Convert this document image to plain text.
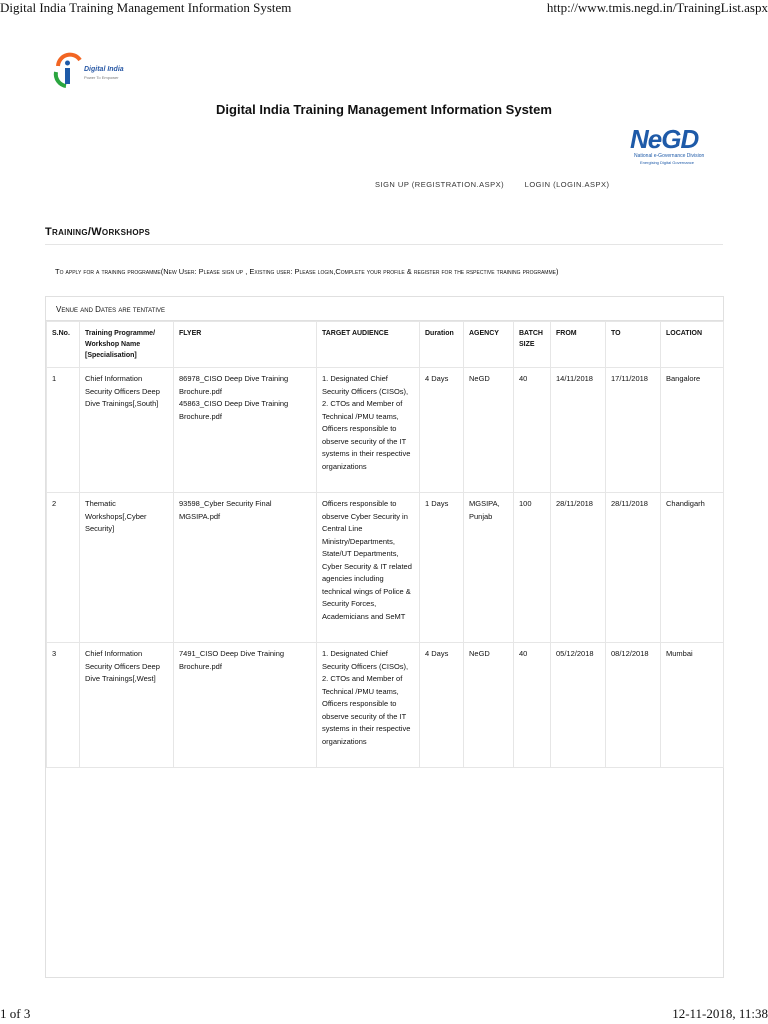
Digital India Training Management Information System	http://www.tmis.negd.in/TrainingList.aspx
Digital India
Power To Empower
Digital India Training Management Information System
NeGD
National e-Governance Division
Energising Digital Governance
SIGN UP (REGISTRATION.ASPX)	LOGIN (LOGIN.ASPX)
Training/Workshops
To apply for a training programme(New User: Please sign up , Existing user: Please login,Complete your profile & register for the rspective training programme)
Venue and Dates are tentative
S.No.	Training Programme/ Workshop Name [Specialisation]	FLYER	TARGET AUDIENCE	Duration	AGENCY	BATCH SIZE	FROM	TO	LOCATION
1	Chief Information Security Officers Deep Dive Trainings[,South]	86978_CISO Deep Dive Training Brochure.pdf
45863_CISO Deep Dive Training Brochure.pdf	1. Designated Chief Security Officers (CISOs), 2. CTOs and Member of Technical /PMU teams, Officers responsible to observe security of the IT systems in their respective organizations	4 Days	NeGD	40	14/11/2018	17/11/2018	Bangalore
2	Thematic Workshops[,Cyber Security]	93598_Cyber Security Final MGSIPA.pdf	Officers responsible to observe Cyber Security in Central Line Ministry/Departments, State/UT Departments, Cyber Security & IT related agencies including technical wings of Police & Security Forces, Academicians and SeMT	1 Days	MGSIPA, Punjab	100	28/11/2018	28/11/2018	Chandigarh
3	Chief Information Security Officers Deep Dive Trainings[,West]	7491_CISO Deep Dive Training Brochure.pdf	1. Designated Chief Security Officers (CISOs), 2. CTOs and Member of Technical /PMU teams, Officers responsible to observe security of the IT systems in their respective organizations	4 Days	NeGD	40	05/12/2018	08/12/2018	Mumbai
1 of 3	12-11-2018, 11:38
